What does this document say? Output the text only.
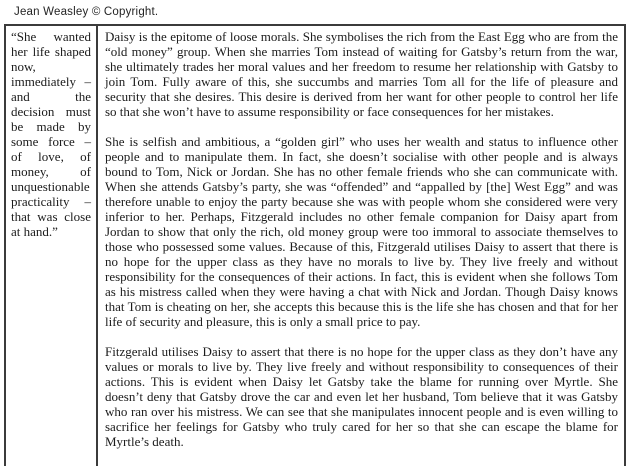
Jean Weasley © Copyright.
“She wanted her life shaped now, immediately – and the decision must be made by some force – of love, of money, of unquestionable practicality – that was close at hand.”

Daisy is the epitome of loose morals. She symbolises the rich from the East Egg who are from the “old money” group. When she marries Tom instead of waiting for Gatsby’s return from the war, she ultimately trades her moral values and her freedom to resume her relationship with Gatsby to join Tom. Fully aware of this, she succumbs and marries Tom all for the life of pleasure and security that she desires. This desire is derived from her want for other people to control her life so that she won’t have to assume responsibility or face consequences for her mistakes.

She is selfish and ambitious, a “golden girl” who uses her wealth and status to influence other people and to manipulate them. In fact, she doesn’t socialise with other people and is always bound to Tom, Nick or Jordan. She has no other female friends who she can communicate with. When she attends Gatsby’s party, she was “offended” and “appalled by [the] West Egg” and was therefore unable to enjoy the party because she was with people whom she considered were very inferior to her. Perhaps, Fitzgerald includes no other female companion for Daisy apart from Jordan to show that only the rich, old money group were too immoral to associate themselves to those who possessed some values. Because of this, Fitzgerald utilises Daisy to assert that there is no hope for the upper class as they have no morals to live by. They live freely and without responsibility for the consequences of their actions. In fact, this is evident when she follows Tom as his mistress called when they were having a chat with Nick and Jordan. Though Daisy knows that Tom is cheating on her, she accepts this because this is the life she has chosen and that for her life of security and pleasure, this is only a small price to pay.

Fitzgerald utilises Daisy to assert that there is no hope for the upper class as they don’t have any values or morals to live by. They live freely and without responsibility to consequences of their actions. This is evident when Daisy let Gatsby take the blame for running over Myrtle. She doesn’t deny that Gatsby drove the car and even let her husband, Tom believe that it was Gatsby who ran over his mistress. We can see that she manipulates innocent people and is even willing to sacrifice her feelings for Gatsby who truly cared for her so that she can escape the blame for Myrtle’s death.
